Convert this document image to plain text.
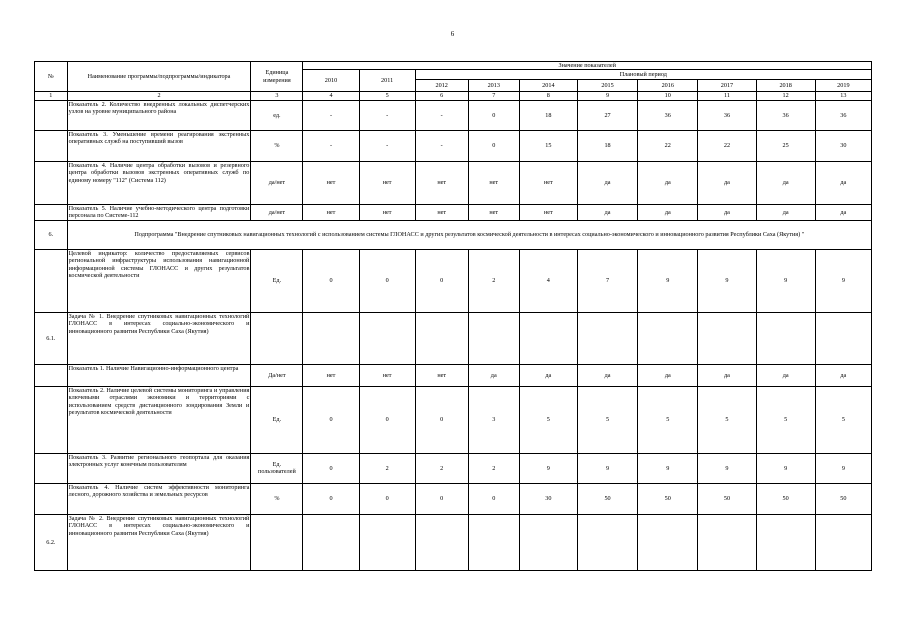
6
№	Наименование программы/подпрограммы/индикатора	Единица измерения	Значение показателей									
			2010	2011	Плановый период							
					2012	2013	2014	2015	2016	2017	2018	2019
1	2	3	4	5	6	7	8	9	10	11	12	13
	Показатель 2. Количество внедренных локальных диспетчерских узлов на уровне муниципального района	ед.	-	-	-	0	18	27	36	36	36	36
	Показатель 3. Уменьшение времени реагирования экстренных оперативных служб на поступивший вызов	%	-	-	-	0	15	18	22	22	25	30
	Показатель 4. Наличие центра обработки вызовов и резервного центра обработки вызовов экстренных оперативных служб по единому номеру "112" (Система 112)	да/нет	нет	нет	нет	нет	нет	да	да	да	да	да
	Показатель 5. Наличие учебно-методического центра подготовки персонала по Системе-112	да/нет	нет	нет	нет	нет	нет	да	да	да	да	да
6.	Подпрограмма "Внедрение спутниковых навигационных технологий с использованием системы ГЛОНАСС и других результатов космической деятельности в интересах социально-экономического и инновационного развития Республики Саха (Якутия) "											
	Целевой индикатор: количество предоставляемых сервисов региональной инфраструктуры использования навигационной информационной системы ГЛОНАСС и других результатов космической деятельности	Ед.	0	0	0	2	4	7	9	9	9	9
6.1.	Задача № 1. Внедрение спутниковых навигационных технологий ГЛОНАСС в интересах социально-экономического и инновационного развития Республики Саха (Якутия)											
	Показатель 1. Наличие Навигационно-информационного центра	Да/нет	нет	нет	нет	да	да	да	да	да	да	да
	Показатель 2. Наличие целевой системы мониторинга и управления ключевыми отраслями экономики и территориями с использованием средств дистанционного зондирования Земли и результатов космической деятельности	Ед.	0	0	0	3	5	5	5	5	5	5
	Показатель 3. Развитие регионального геопортала для оказания электронных услуг конечным пользователям	Ед. пользователей	0	2	2	2	9	9	9	9	9	9
	Показатель 4. Наличие систем эффективности мониторинга лесного, дорожного хозяйства и земельных ресурсов	%	0	0	0	0	30	50	50	50	50	50
6.2.	Задача № 2. Внедрение спутниковых навигационных технологий ГЛОНАСС в интересах социально-экономического и инновационного развития Республики Саха (Якутия)											
